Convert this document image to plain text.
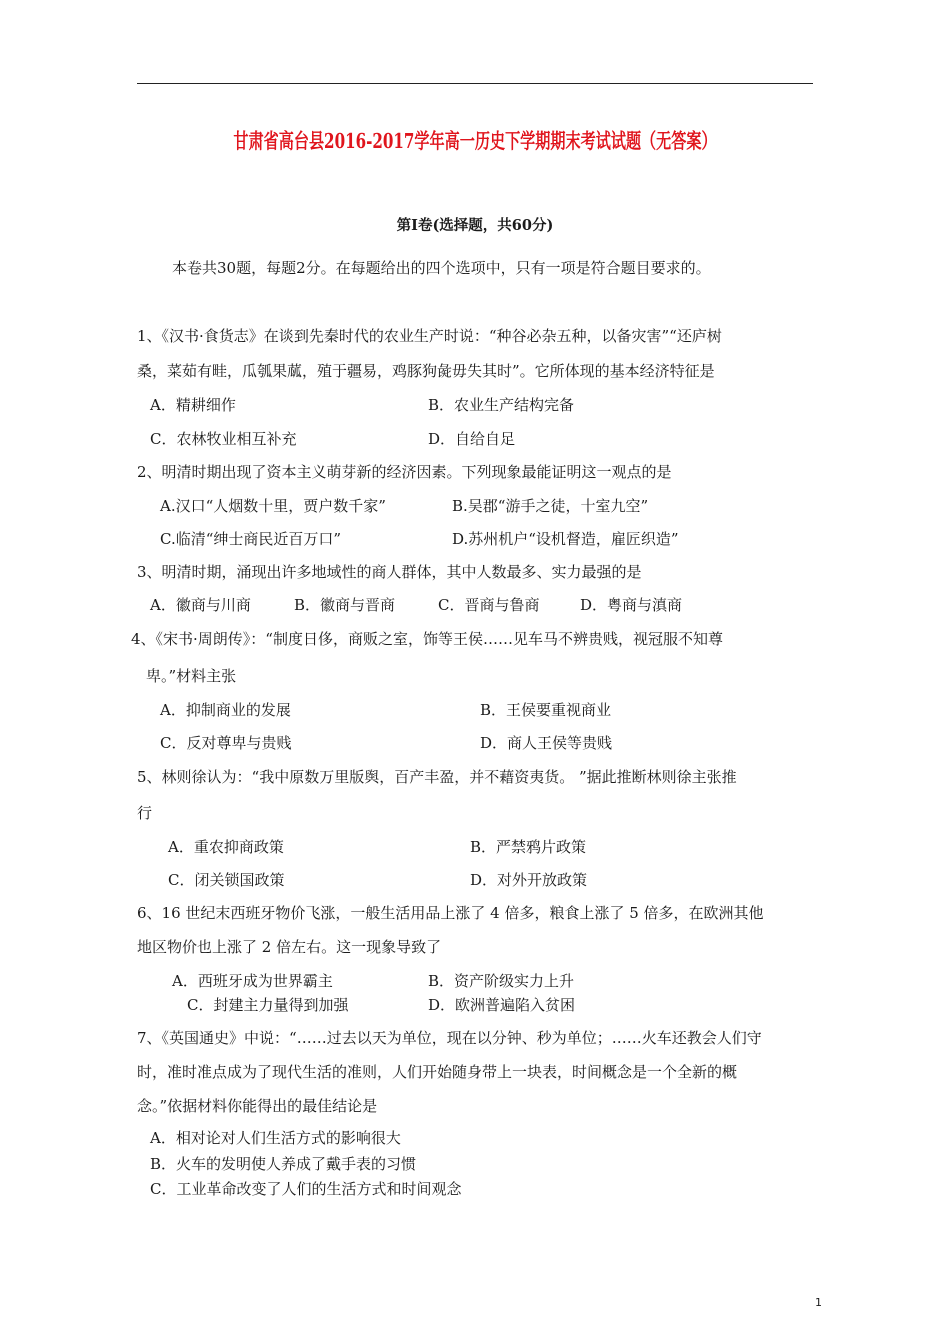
甘肃省高台县2016-2017学年高一历史下学期期末考试试题（无答案）
第Ⅰ卷(选择题，共60分)
本卷共30题，每题2分。在每题给出的四个选项中，只有一项是符合题目要求的。
1、《汉书·食货志》在谈到先秦时代的农业生产时说：“种谷必杂五种，以备灾害”“还庐树
桑，菜茹有畦，瓜瓠果蓏，殖于疆易，鸡豚狗彘毋失其时”。它所体现的基本经济特征是
A．精耕细作	B．农业生产结构完备
C．农林牧业相互补充	D．自给自足
2、明清时期出现了资本主义萌芽新的经济因素。下列现象最能证明这一观点的是
A.汉口“人烟数十里，贾户数千家”	B.吴郡“游手之徒，十室九空”
C.临清“绅士商民近百万口”	D.苏州机户“设机督造，雇匠织造”
3、明清时期，涌现出许多地域性的商人群体，其中人数最多、实力最强的是
A．徽商与川商	B．徽商与晋商	C．晋商与鲁商	D．粤商与滇商
4、《宋书·周朗传》：“制度日侈，商贩之室，饰等王侯……见车马不辨贵贱，视冠服不知尊
卑。”材料主张
A．抑制商业的发展	B．王侯要重视商业
C．反对尊卑与贵贱	D．商人王侯等贵贱
5、林则徐认为：“我中原数万里版舆，百产丰盈，并不藉资夷货。 ”据此推断林则徐主张推
行
A．重农抑商政策	B．严禁鸦片政策
C．闭关锁国政策	D．对外开放政策
6、16 世纪末西班牙物价飞涨，一般生活用品上涨了 4 倍多，粮食上涨了 5 倍多，在欧洲其他
地区物价也上涨了 2 倍左右。这一现象导致了
A．西班牙成为世界霸主	B．资产阶级实力上升
C．封建主力量得到加强	D．欧洲普遍陷入贫困
7、《英国通史》中说：“……过去以天为单位，现在以分钟、秒为单位；……火车还教会人们守
时，准时准点成为了现代生活的准则，人们开始随身带上一块表，时间概念是一个全新的概
念。”依据材料你能得出的最佳结论是
A．相对论对人们生活方式的影响很大
B．火车的发明使人养成了戴手表的习惯
C．工业革命改变了人们的生活方式和时间观念
1
